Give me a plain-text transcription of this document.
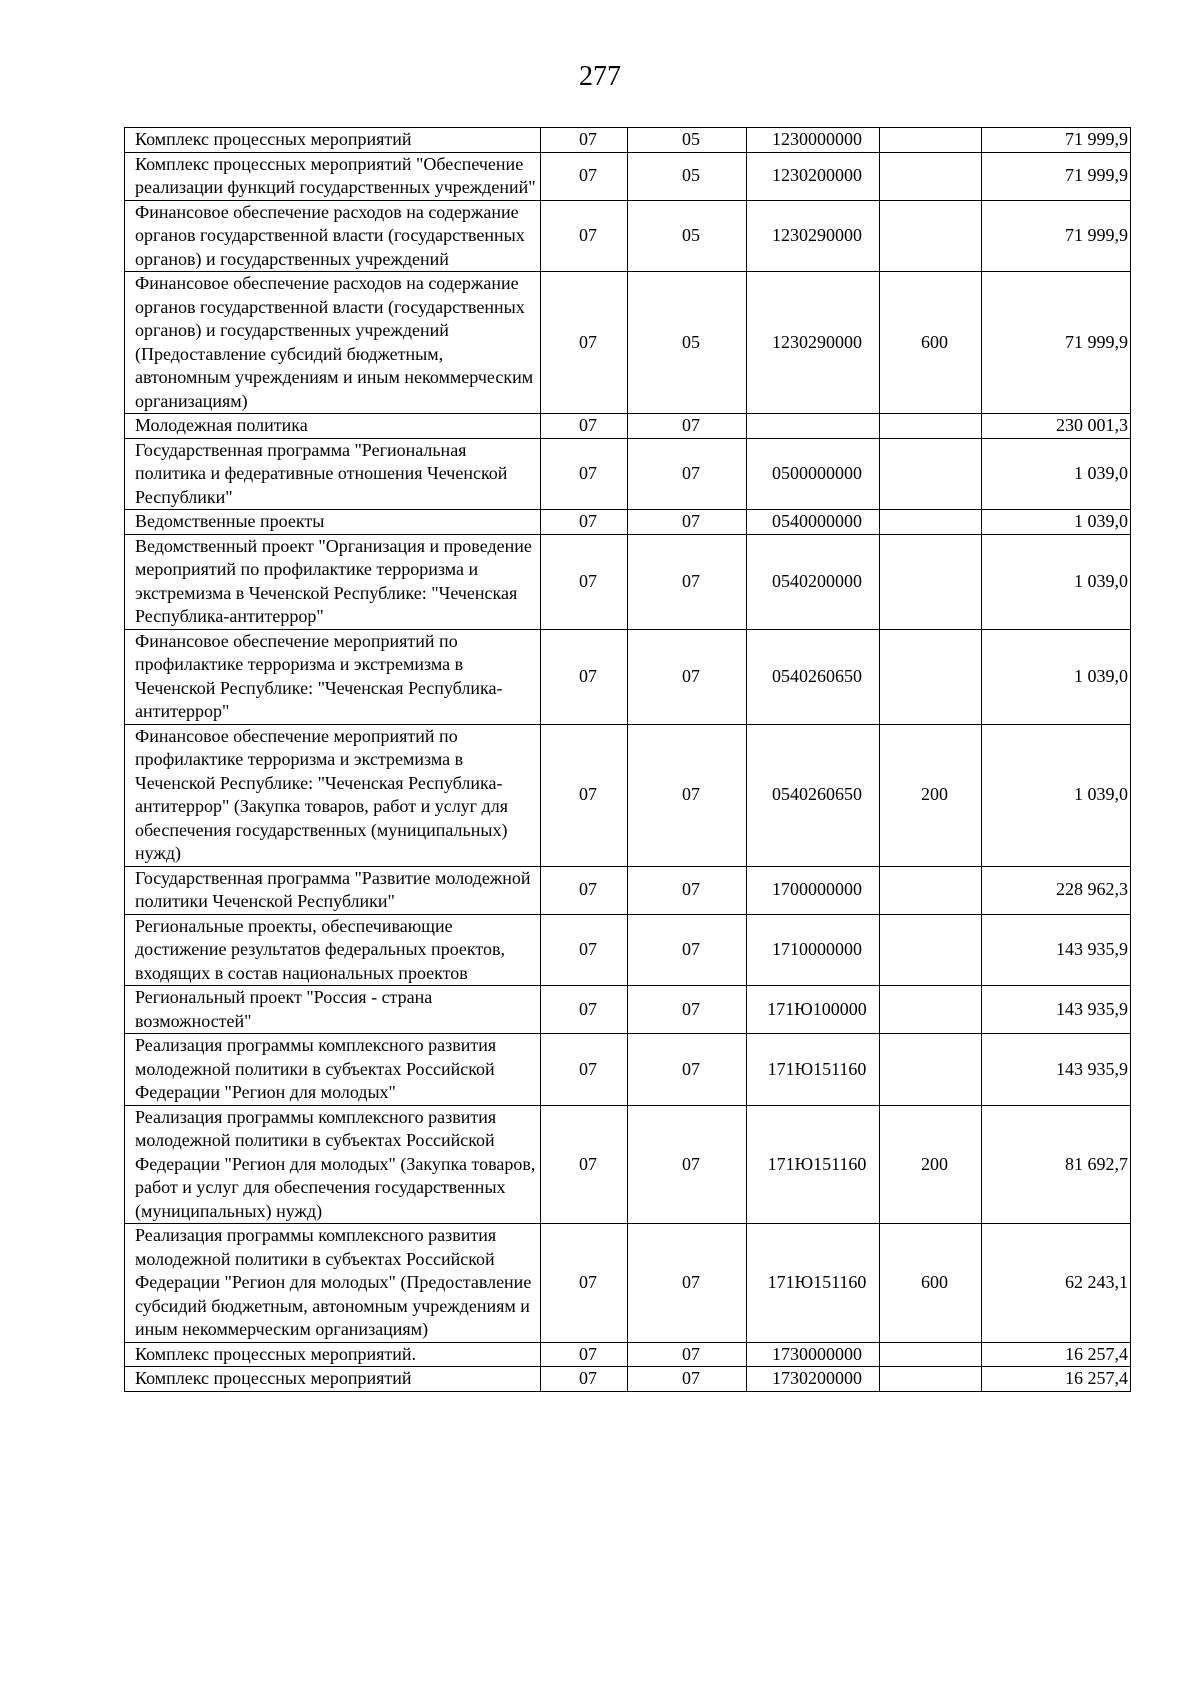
277
Комплекс процессных мероприятий	07	05	1230000000		71 999,9
Комплекс процессных мероприятий "Обеспечение реализации функций государственных учреждений"	07	05	1230200000		71 999,9
Финансовое обеспечение расходов на содержание органов государственной власти (государственных органов) и государственных учреждений	07	05	1230290000		71 999,9
Финансовое обеспечение расходов на содержание органов государственной власти (государственных органов) и государственных учреждений (Предоставление субсидий бюджетным, автономным учреждениям и иным некоммерческим организациям)	07	05	1230290000	600	71 999,9
Молодежная политика	07	07			230 001,3
Государственная программа "Региональная политика и федеративные отношения Чеченской Республики"	07	07	0500000000		1 039,0
Ведомственные проекты	07	07	0540000000		1 039,0
Ведомственный проект "Организация и проведение мероприятий по профилактике терроризма и экстремизма в Чеченской Республике: "Чеченская Республика-антитеррор"	07	07	0540200000		1 039,0
Финансовое обеспечение мероприятий по профилактике терроризма и экстремизма в Чеченской Республике: "Чеченская Республика-антитеррор"	07	07	0540260650		1 039,0
Финансовое обеспечение мероприятий по профилактике терроризма и экстремизма в Чеченской Республике: "Чеченская Республика-антитеррор" (Закупка товаров, работ и услуг для обеспечения государственных (муниципальных) нужд)	07	07	0540260650	200	1 039,0
Государственная программа "Развитие молодежной политики Чеченской Республики"	07	07	1700000000		228 962,3
Региональные проекты, обеспечивающие достижение результатов федеральных проектов, входящих в состав национальных проектов	07	07	1710000000		143 935,9
Региональный проект "Россия - страна возможностей"	07	07	171Ю100000		143 935,9
Реализация программы комплексного развития молодежной политики в субъектах Российской Федерации "Регион для молодых"	07	07	171Ю151160		143 935,9
Реализация программы комплексного развития молодежной политики в субъектах Российской Федерации "Регион для молодых" (Закупка товаров, работ и услуг для обеспечения государственных (муниципальных) нужд)	07	07	171Ю151160	200	81 692,7
Реализация программы комплексного развития молодежной политики в субъектах Российской Федерации "Регион для молодых" (Предоставление субсидий бюджетным, автономным учреждениям и иным некоммерческим организациям)	07	07	171Ю151160	600	62 243,1
Комплекс процессных мероприятий.	07	07	1730000000		16 257,4
Комплекс процессных мероприятий	07	07	1730200000		16 257,4
